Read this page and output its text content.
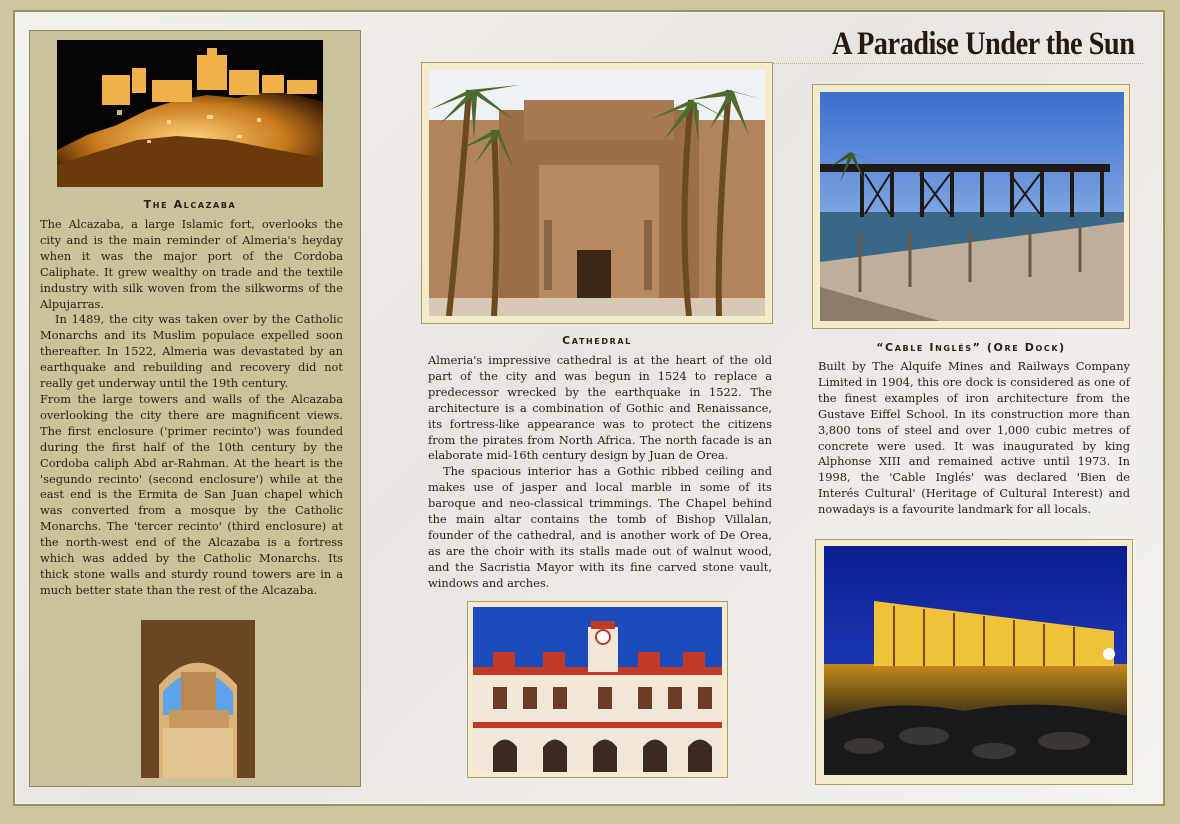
The Alcazaba

The Alcazaba, a large Islamic fort, overlooks the city and is the main reminder of Almeria's heyday when it was the major port of the Cordoba Caliphate. It grew wealthy on trade and the textile industry with silk woven from the silkworms of the Alpujarras.

In 1489, the city was taken over by the Catholic Monarchs and its Muslim populace expelled soon thereafter. In 1522, Almeria was devastated by an earthquake and rebuilding and recovery did not really get underway until the 19th century.

From the large towers and walls of the Alcazaba overlooking the city there are magnificent views. The first enclosure ('primer recinto') was founded during the first half of the 10th century by the Cordoba caliph Abd ar-Rahman. At the heart is the 'segundo recinto' (second enclosure') while at the east end is the Ermita de San Juan chapel which was converted from a mosque by the Catholic Monarchs. The 'tercer recinto' (third enclosure) at the north-west end of the Alcazaba is a fortress which was added by the Catholic Monarchs. Its thick stone walls and sturdy round towers are in a much better state than the rest of the Alcazaba.

A Paradise Under the Sun
Cathedral

Almeria's impressive cathedral is at the heart of the old part of the city and was begun in 1524 to replace a predecessor wrecked by the earthquake in 1522. The architecture is a combination of Gothic and Renaissance, its fortress-like appearance was to protect the citizens from the pirates from North Africa. The north facade is an elaborate mid-16th century design by Juan de Orea.

The spacious interior has a Gothic ribbed ceiling and makes use of jasper and local marble in some of its baroque and neo-classical trimmings. The Chapel behind the main altar contains the tomb of Bishop Villalan, founder of the cathedral, and is another work of De Orea, as are the choir with its stalls made out of walnut wood, and the Sacristia Mayor with its fine carved stone vault, windows and arches.

“Cable Inglés” (Ore Dock)

Built by The Alquife Mines and Railways Company Limited in 1904, this ore dock is considered as one of the finest examples of iron architecture from the Gustave Eiffel School. In its construction more than 3,800 tons of steel and over 1,000 cubic metres of concrete were used. It was inaugurated by king Alphonse XIII and remained active until 1973. In 1998, the 'Cable Inglés' was declared 'Bien de Interés Cultural' (Heritage of Cultural Interest) and nowadays is a favourite landmark for all locals.
